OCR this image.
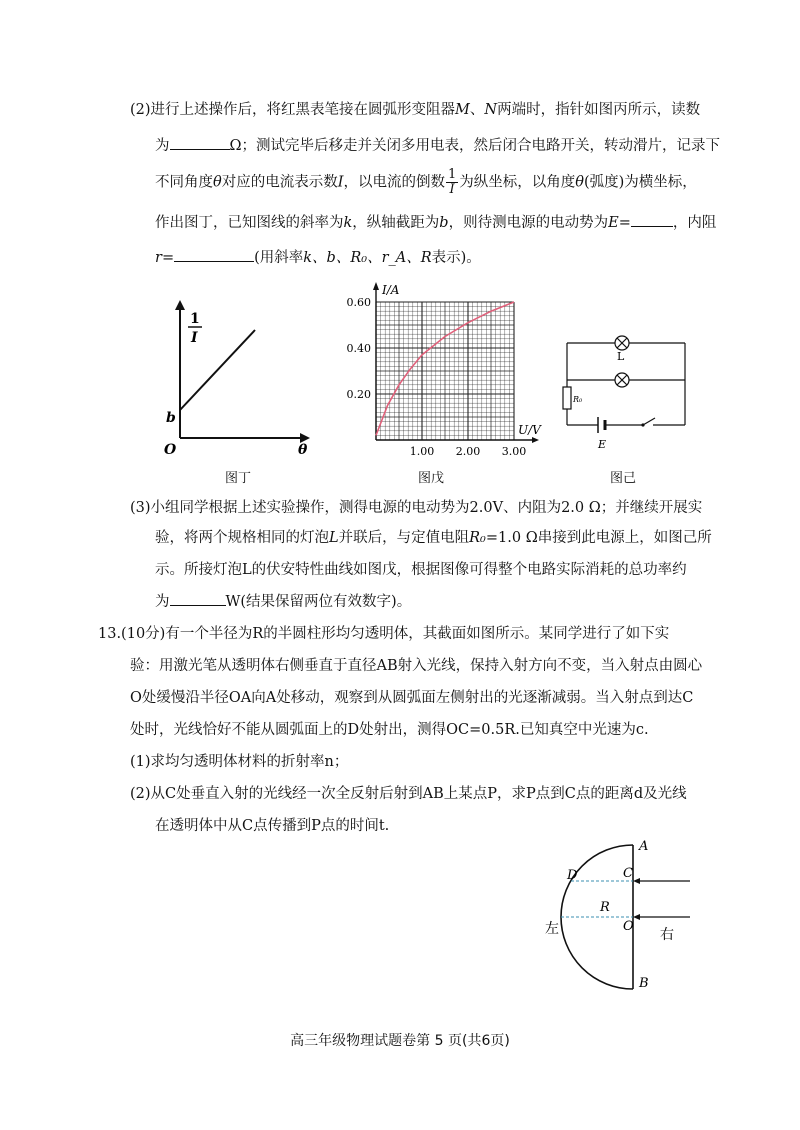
(2)进行上述操作后，将红黑表笔接在圆弧形变阻器M、N两端时，指针如图丙所示，读数
为	Ω；测试完毕后移走并关闭多用电表，然后闭合电路开关，转动滑片，记录下
不同角度θ对应的电流表示数I，以电流的倒数 $\frac{1}{I}$ 为纵坐标，以角度θ(弧度)为横坐标，
作出图丁，已知图线的斜率为k，纵轴截距为b，则待测电源的电动势为E=	，内阻
r=	(用斜率k、b、R₀、r_A、R表示)。
1
I
b
O	θ
图丁
0.60
0.40
0.20
1.00 2.00 3.00
I/A
U/V
图戊
L
R₀
E
图己
(3)小组同学根据上述实验操作，测得电源的电动势为2.0V、内阻为2.0 Ω；并继续开展实
验，将两个规格相同的灯泡L并联后，与定值电阻R₀=1.0 Ω串接到此电源上，如图己所
示。所接灯泡L的伏安特性曲线如图戊，根据图像可得整个电路实际消耗的总功率约
为	W(结果保留两位有效数字)。
13.(10分)有一个半径为R的半圆柱形均匀透明体，其截面如图所示。某同学进行了如下实
验：用激光笔从透明体右侧垂直于直径AB射入光线，保持入射方向不变，当入射点由圆心
O处缓慢沿半径OA向A处移动，观察到从圆弧面左侧射出的光逐渐减弱。当入射点到达C
处时，光线恰好不能从圆弧面上的D处射出，测得OC=0.5R.已知真空中光速为c.
(1)求均匀透明体材料的折射率n；
(2)从C处垂直入射的光线经一次全反射后射到AB上某点P，求P点到C点的距离d及光线
在透明体中从C点传播到P点的时间t.
A
B
C
D
O
R
左	右
高三年级物理试题卷第 5 页(共6页)
